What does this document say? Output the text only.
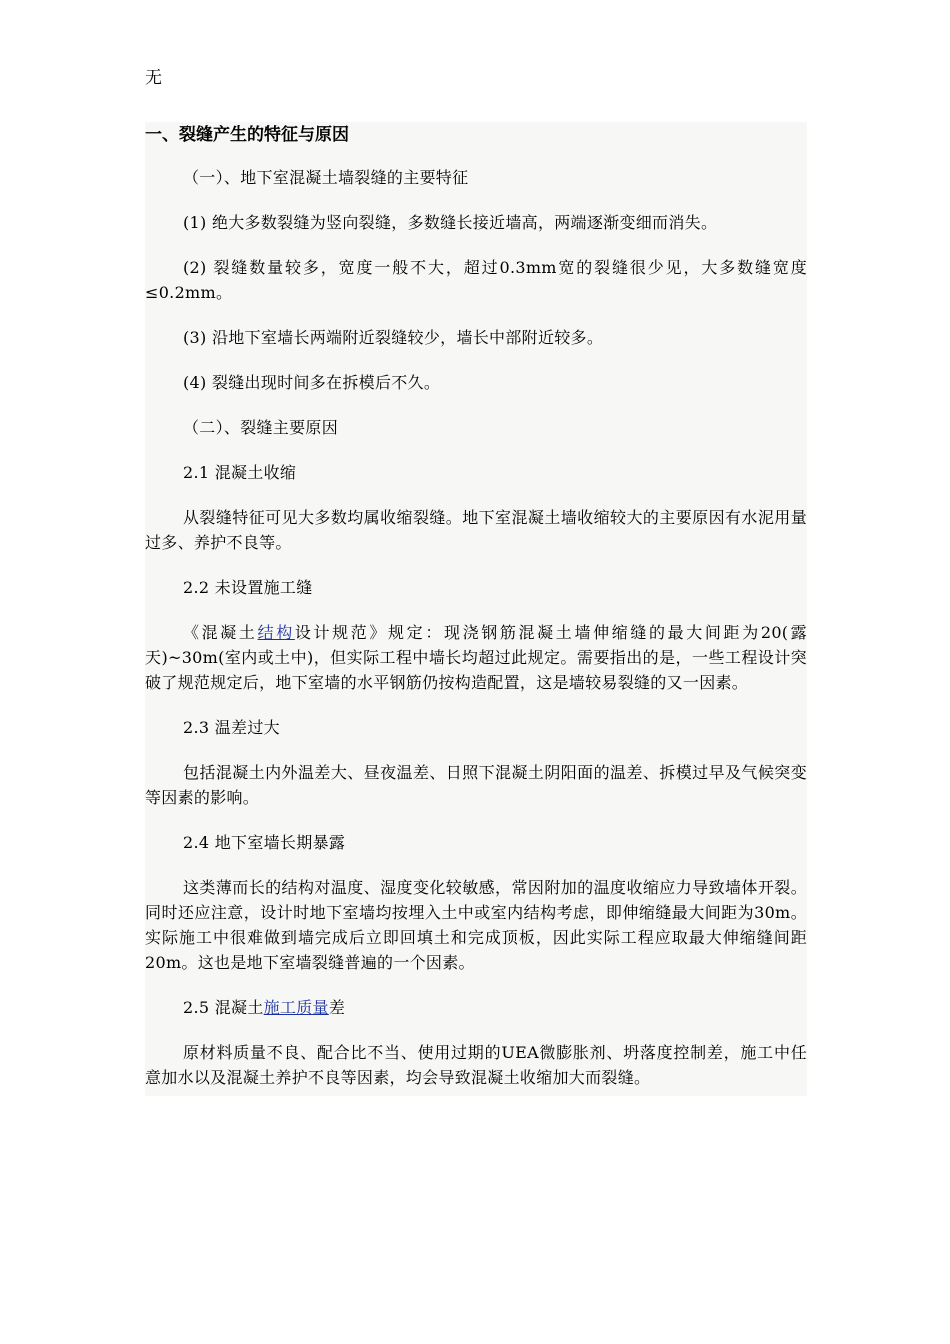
无
一、裂缝产生的特征与原因

（一）、地下室混凝土墙裂缝的主要特征

(1) 绝大多数裂缝为竖向裂缝，多数缝长接近墙高，两端逐渐变细而消失。

(2) 裂缝数量较多，宽度一般不大，超过0.3mm宽的裂缝很少见，大多数缝宽度≤0.2mm。

(3) 沿地下室墙长两端附近裂缝较少，墙长中部附近较多。

(4) 裂缝出现时间多在拆模后不久。

（二）、裂缝主要原因

2.1 混凝土收缩

从裂缝特征可见大多数均属收缩裂缝。地下室混凝土墙收缩较大的主要原因有水泥用量过多、养护不良等。

2.2 未设置施工缝

《混凝土结构设计规范》规定：现浇钢筋混凝土墙伸缩缝的最大间距为20(露天)~30m(室内或土中)，但实际工程中墙长均超过此规定。需要指出的是，一些工程设计突破了规范规定后，地下室墙的水平钢筋仍按构造配置，这是墙较易裂缝的又一因素。

2.3 温差过大

包括混凝土内外温差大、昼夜温差、日照下混凝土阴阳面的温差、拆模过早及气候突变等因素的影响。

2.4 地下室墙长期暴露

这类薄而长的结构对温度、湿度变化较敏感，常因附加的温度收缩应力导致墙体开裂。同时还应注意，设计时地下室墙均按埋入土中或室内结构考虑，即伸缩缝最大间距为30m。实际施工中很难做到墙完成后立即回填土和完成顶板，因此实际工程应取最大伸缩缝间距20m。这也是地下室墙裂缝普遍的一个因素。

2.5 混凝土施工质量差

原材料质量不良、配合比不当、使用过期的UEA微膨胀剂、坍落度控制差，施工中任意加水以及混凝土养护不良等因素，均会导致混凝土收缩加大而裂缝。
